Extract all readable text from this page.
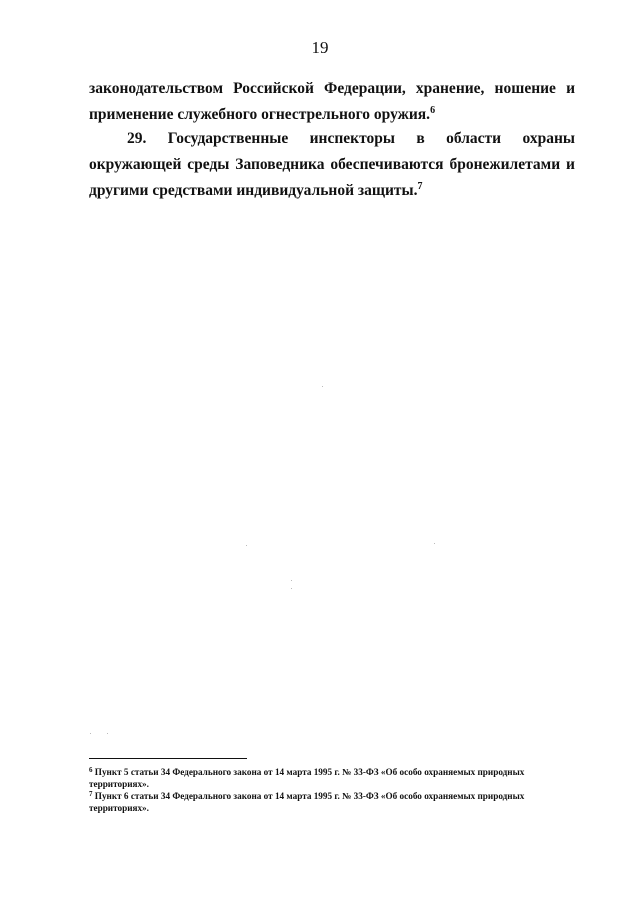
19

законодательством Российской Федерации, хранение, ношение и применение служебного огнестрельного оружия.$^6$

29. Государственные инспекторы в области охраны окружающей среды Заповедника обеспечиваются бронежилетами и другими средствами индивидуальной защиты.$^7$

$^6$ Пункт 5 статьи 34 Федерального закона от 14 марта 1995 г. № 33-ФЗ «Об особо охраняемых природных территориях».

$^7$ Пункт 6 статьи 34 Федерального закона от 14 марта 1995 г. № 33-ФЗ «Об особо охраняемых природных территориях».
